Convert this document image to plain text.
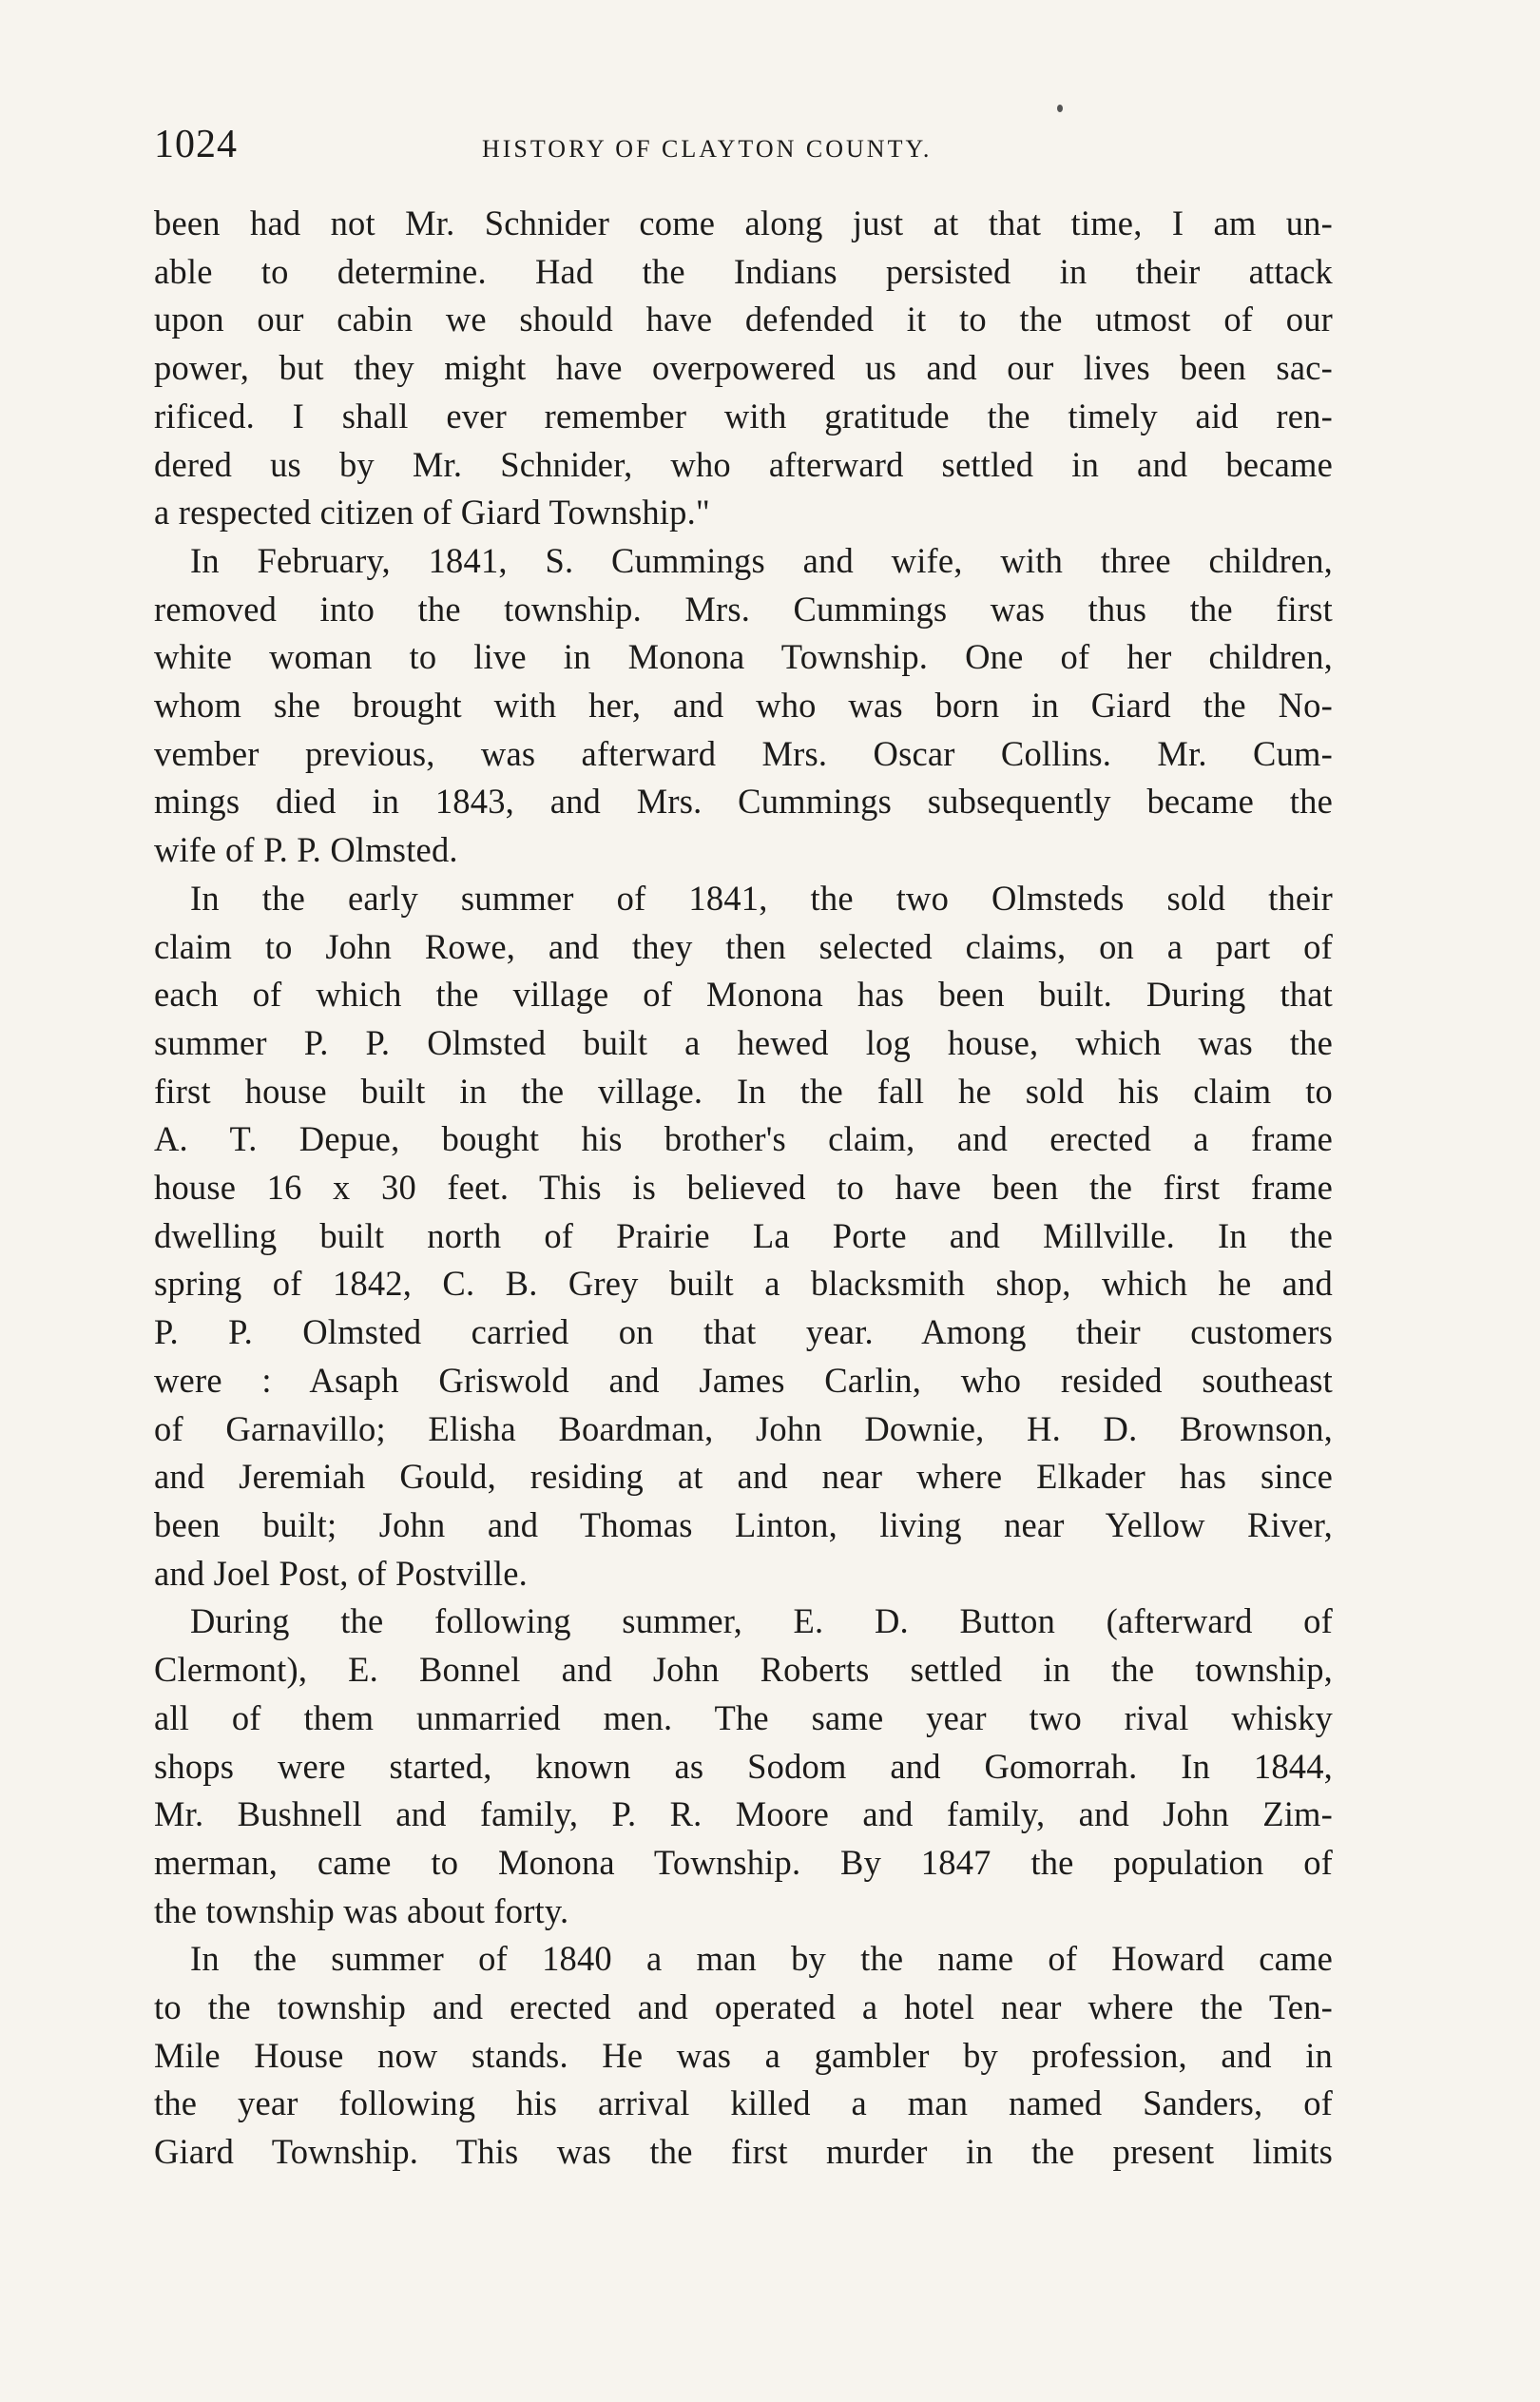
1024	HISTORY OF CLAYTON COUNTY.

been had not Mr. Schnider come along just at that time, I am un-
able to determine. Had the Indians persisted in their attack
upon our cabin we should have defended it to the utmost of our
power, but they might have overpowered us and our lives been sac-
rificed. I shall ever remember with gratitude the timely aid ren-
dered us by Mr. Schnider, who afterward settled in and became
a respected citizen of Giard Township."

In February, 1841, S. Cummings and wife, with three children,
removed into the township. Mrs. Cummings was thus the first
white woman to live in Monona Township. One of her children,
whom she brought with her, and who was born in Giard the No-
vember previous, was afterward Mrs. Oscar Collins. Mr. Cum-
mings died in 1843, and Mrs. Cummings subsequently became the
wife of P. P. Olmsted.

In the early summer of 1841, the two Olmsteds sold their
claim to John Rowe, and they then selected claims, on a part of
each of which the village of Monona has been built. During that
summer P. P. Olmsted built a hewed log house, which was the
first house built in the village. In the fall he sold his claim to
A. T. Depue, bought his brother's claim, and erected a frame
house 16 x 30 feet. This is believed to have been the first frame
dwelling built north of Prairie La Porte and Millville. In the
spring of 1842, C. B. Grey built a blacksmith shop, which he and
P. P. Olmsted carried on that year. Among their customers
were : Asaph Griswold and James Carlin, who resided southeast
of Garnavillo; Elisha Boardman, John Downie, H. D. Brownson,
and Jeremiah Gould, residing at and near where Elkader has since
been built; John and Thomas Linton, living near Yellow River,
and Joel Post, of Postville.

During the following summer, E. D. Button (afterward of
Clermont), E. Bonnel and John Roberts settled in the township,
all of them unmarried men. The same year two rival whisky
shops were started, known as Sodom and Gomorrah. In 1844,
Mr. Bushnell and family, P. R. Moore and family, and John Zim-
merman, came to Monona Township. By 1847 the population of
the township was about forty.

In the summer of 1840 a man by the name of Howard came
to the township and erected and operated a hotel near where the Ten-
Mile House now stands. He was a gambler by profession, and in
the year following his arrival killed a man named Sanders, of
Giard Township. This was the first murder in the present limits
